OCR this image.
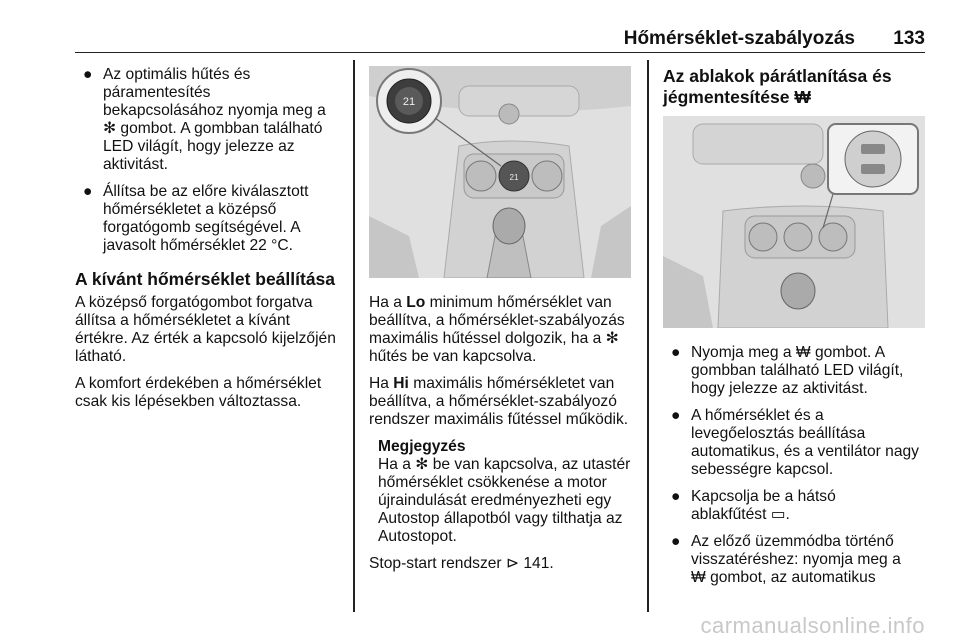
Hőmérséklet-szabályozás 133
● Az optimális hűtés és
páramentesítés
bekapcsolásához nyomja meg a
✻ gombot. A gombban található
LED világít, hogy jelezze az
aktivitást.
● Állítsa be az előre kiválasztott
hőmérsékletet a középső
forgatógomb segítségével. A
javasolt hőmérséklet 22 °C.
A kívánt hőmérséklet beállítása

A középső forgatógombot forgatva
állítsa a hőmérsékletet a kívánt
értékre. Az érték a kapcsoló kijelzőjén
látható.

A komfort érdekében a hőmérséklet
csak kis lépésekben változtassa.

21
21

Ha a Lo minimum hőmérséklet van
beállítva, a hőmérséklet-szabályozás
maximális hűtéssel dolgozik, ha a ✻
hűtés be van kapcsolva.

Ha Hi maximális hőmérsékletet van
beállítva, a hőmérséklet-szabályozó
rendszer maximális fűtéssel működik.

Megjegyzés
Ha a ✻ be van kapcsolva, az utastér
hőmérséklet csökkenése a motor
újraindulását eredményezheti egy
Autostop állapotból vagy tilthatja az
Autostopot.

Stop-start rendszer ⊳ 141.

Az ablakok párátlanítása és
jégmentesítése ₩
● Nyomja meg a ₩ gombot. A
gombban található LED világít,
hogy jelezze az aktivitást.
● A hőmérséklet és a
levegőelosztás beállítása
automatikus, és a ventilátor nagy
sebességre kapcsol.
● Kapcsolja be a hátsó
ablakfűtést ▭.
● Az előző üzemmódba történő
visszatéréshez: nyomja meg a
₩ gombot, az automatikus
carmanualsonline.info
